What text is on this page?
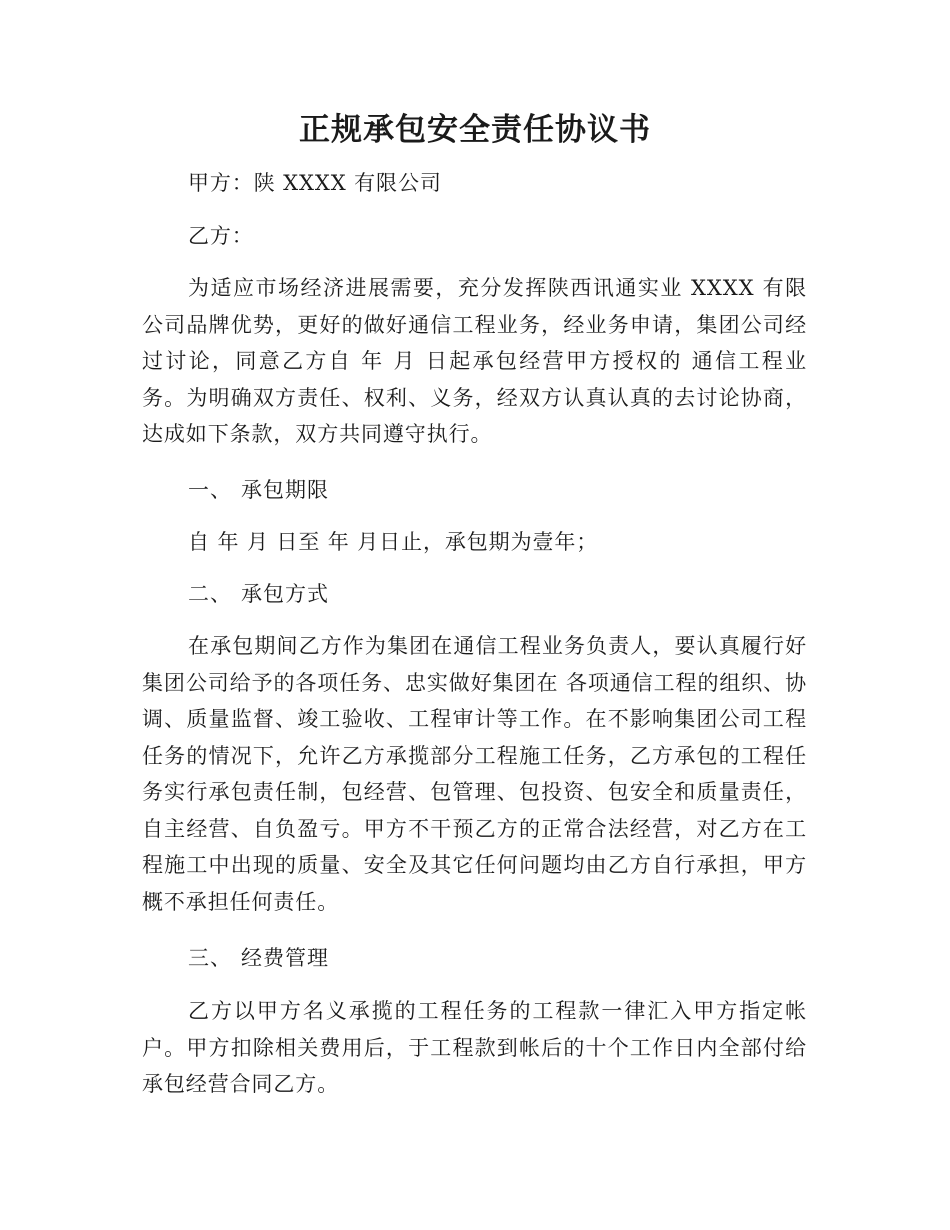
正规承包安全责任协议书

甲方：陕 XXXX 有限公司

乙方：

为适应市场经济进展需要，充分发挥陕西讯通实业 XXXX 有限公司品牌优势，更好的做好通信工程业务，经业务申请，集团公司经过讨论，同意乙方自 年 月 日起承包经营甲方授权的 通信工程业务。为明确双方责任、权利、义务，经双方认真认真的去讨论协商，达成如下条款，双方共同遵守执行。

一、 承包期限

自 年 月 日至 年 月日止，承包期为壹年；

二、 承包方式

在承包期间乙方作为集团在通信工程业务负责人，要认真履行好集团公司给予的各项任务、忠实做好集团在 各项通信工程的组织、协调、质量监督、竣工验收、工程审计等工作。在不影响集团公司工程任务的情况下，允许乙方承揽部分工程施工任务，乙方承包的工程任务实行承包责任制，包经营、包管理、包投资、包安全和质量责任，自主经营、自负盈亏。甲方不干预乙方的正常合法经营，对乙方在工程施工中出现的质量、安全及其它任何问题均由乙方自行承担，甲方概不承担任何责任。

三、 经费管理

乙方以甲方名义承揽的工程任务的工程款一律汇入甲方指定帐户。甲方扣除相关费用后，于工程款到帐后的十个工作日内全部付给承包经营合同乙方。
